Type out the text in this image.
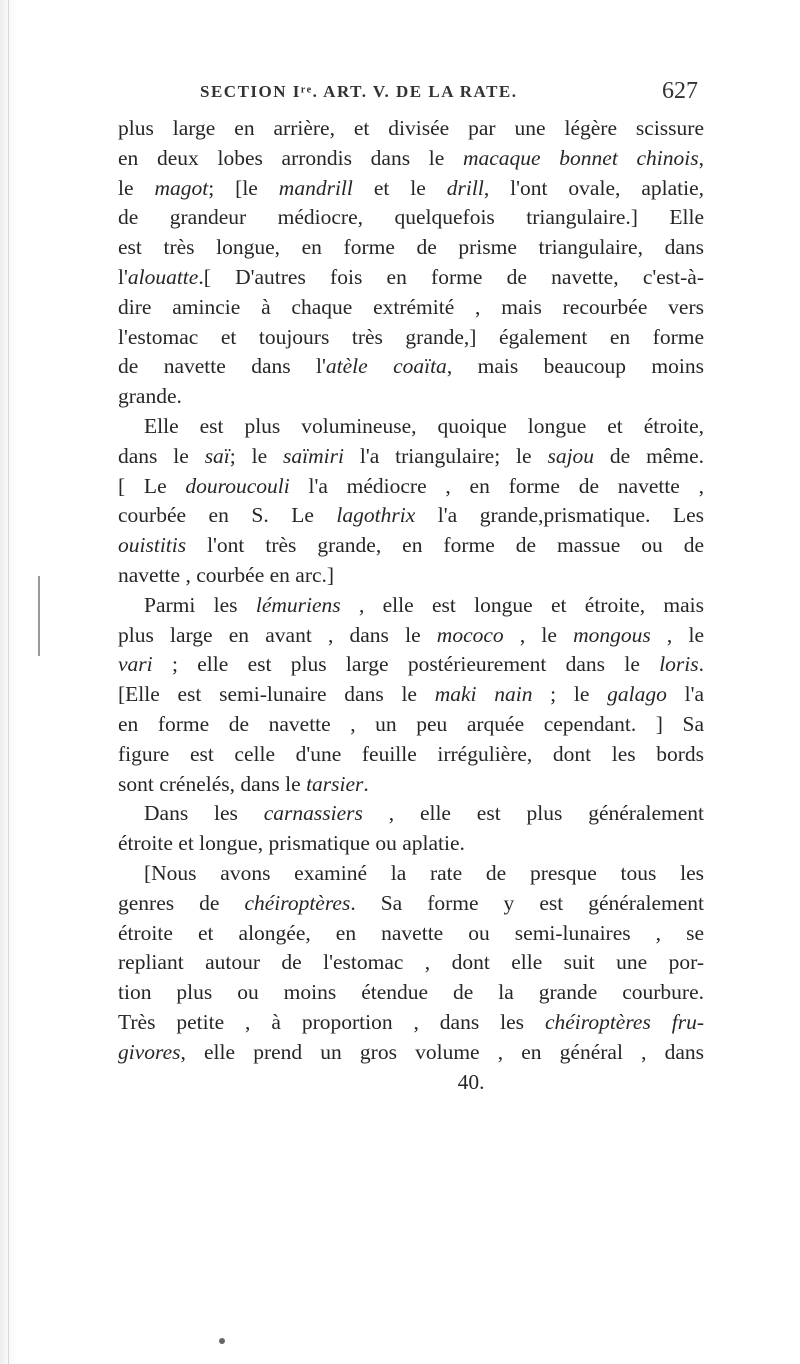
SECTION Iʳᵉ. ART. V. DE LA RATE.	627
plus large en arrière, et divisée par une légère scissure
en deux lobes arrondis dans le macaque bonnet chinois,
le magot; [le mandrill et le drill, l'ont ovale, aplatie,
de grandeur médiocre, quelquefois triangulaire.] Elle
est très longue, en forme de prisme triangulaire, dans
l'alouatte.[ D'autres fois en forme de navette, c'est-à-
dire amincie à chaque extrémité , mais recourbée vers
l'estomac et toujours très grande,] également en forme
de navette dans l'atèle coaïta, mais beaucoup moins
grande.
Elle est plus volumineuse, quoique longue et étroite,
dans le saï; le saïmiri l'a triangulaire; le sajou de même.
[ Le douroucouli l'a médiocre , en forme de navette ,
courbée en S. Le lagothrix l'a grande,prismatique. Les
ouistitis l'ont très grande, en forme de massue ou de
navette , courbée en arc.]
Parmi les lémuriens , elle est longue et étroite, mais
plus large en avant , dans le mococo , le mongous , le
vari ; elle est plus large postérieurement dans le loris.
[Elle est semi-lunaire dans le maki nain ; le galago l'a
en forme de navette , un peu arquée cependant. ] Sa
figure est celle d'une feuille irrégulière, dont les bords
sont crénelés, dans le tarsier.
Dans les carnassiers , elle est plus généralement
étroite et longue, prismatique ou aplatie.
[Nous avons examiné la rate de presque tous les
genres de chéiroptères. Sa forme y est généralement
étroite et alongée, en navette ou semi-lunaires , se
repliant autour de l'estomac , dont elle suit une por-
tion plus ou moins étendue de la grande courbure.
Très petite , à proportion , dans les chéiroptères fru-
givores, elle prend un gros volume , en général , dans
40.
